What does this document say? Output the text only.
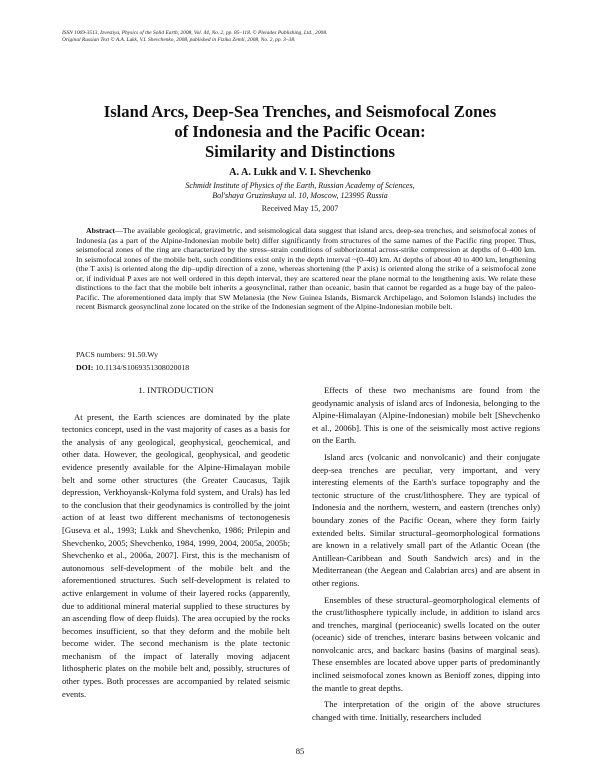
ISSN 1069-3513, Izvestiya, Physics of the Solid Earth, 2008, Vol. 44, No. 2, pp. 85–118. © Pleiades Publishing, Ltd., 2008.
Original Russian Text © A.A. Lukk, V.I. Shevchenko, 2008, published in Fizika Zemli, 2008, No. 2, pp. 3–38.
Island Arcs, Deep-Sea Trenches, and Seismofocal Zones
of Indonesia and the Pacific Ocean:
Similarity and Distinctions
A. A. Lukk and V. I. Shevchenko
Schmidt Institute of Physics of the Earth, Russian Academy of Sciences,
Bol'shaya Gruzinskaya ul. 10, Moscow, 123995 Russia
Received May 15, 2007
Abstract—The available geological, gravimetric, and seismological data suggest that island arcs, deep-sea trenches, and seismofocal zones of Indonesia (as a part of the Alpine-Indonesian mobile belt) differ significantly from structures of the same names of the Pacific ring proper. Thus, seismofocal zones of the ring are characterized by the stress–strain conditions of subhorizontal across-strike compression at depths of 0–400 km. In seismofocal zones of the mobile belt, such conditions exist only in the depth interval ~(0–40) km. At depths of about 40 to 400 km, lengthening (the T axis) is oriented along the dip–updip direction of a zone, whereas shortening (the P axis) is oriented along the strike of a seismofocal zone or, if individual P axes are not well ordered in this depth interval, they are scattered near the plane normal to the lengthening axis. We relate these distinctions to the fact that the mobile belt inherits a geosynclinal, rather than oceanic, basin that cannot be regarded as a huge bay of the paleo-Pacific. The aforementioned data imply that SW Melanesia (the New Guinea Islands, Bismarck Archipelago, and Solomon Islands) includes the recent Bismarck geosynclinal zone located on the strike of the Indonesian segment of the Alpine-Indonesian mobile belt.
PACS numbers: 91.50.Wy
DOI: 10.1134/S1069351308020018

1. INTRODUCTION

At present, the Earth sciences are dominated by the plate tectonics concept, used in the vast majority of cases as a basis for the analysis of any geological, geophysical, geochemical, and other data. However, the geological, geophysical, and geodetic evidence presently available for the Alpine-Himalayan mobile belt and some other structures (the Greater Caucasus, Tajik depression, Verkhoyansk-Kolyma fold system, and Urals) has led to the conclusion that their geodynamics is controlled by the joint action of at least two different mechanisms of tectonogenesis [Guseva et al., 1993; Lukk and Shevchenko, 1986; Prilepin and Shevchenko, 2005; Shevchenko, 1984, 1999, 2004, 2005a, 2005b; Shevchenko et al., 2006a, 2007]. First, this is the mechanism of autonomous self-development of the mobile belt and the aforementioned structures. Such self-development is related to active enlargement in volume of their layered rocks (apparently, due to additional mineral material supplied to these structures by an ascending flow of deep fluids). The area occupied by the rocks becomes insufficient, so that they deform and the mobile belt become wider. The second mechanism is the plate tectonic mechanism of the impact of laterally moving adjacent lithospheric plates on the mobile belt and, possibly, structures of other types. Both processes are accompanied by related seismic events.

Effects of these two mechanisms are found from the geodynamic analysis of island arcs of Indonesia, belonging to the Alpine-Himalayan (Alpine-Indonesian) mobile belt [Shevchenko et al., 2006b]. This is one of the seismically most active regions on the Earth.

Island arcs (volcanic and nonvolcanic) and their conjugate deep-sea trenches are peculiar, very important, and very interesting elements of the Earth's surface topography and the tectonic structure of the crust/lithosphere. They are typical of Indonesia and the northern, western, and eastern (trenches only) boundary zones of the Pacific Ocean, where they form fairly extended belts. Similar structural–geomorphological formations are known in a relatively small part of the Atlantic Ocean (the Antillean-Caribbean and South Sandwich arcs) and in the Mediterranean (the Aegean and Calabrian arcs) and are absent in other regions.

Ensembles of these structural–geomorphological elements of the crust/lithosphere typically include, in addition to island arcs and trenches, marginal (perioceanic) swells located on the outer (oceanic) side of trenches, interarc basins between volcanic and nonvolcanic arcs, and backarc basins (basins of marginal seas). These ensembles are located above upper parts of predominantly inclined seismofocal zones known as Benioff zones, dipping into the mantle to great depths.

The interpretation of the origin of the above structures changed with time. Initially, researchers included

85
